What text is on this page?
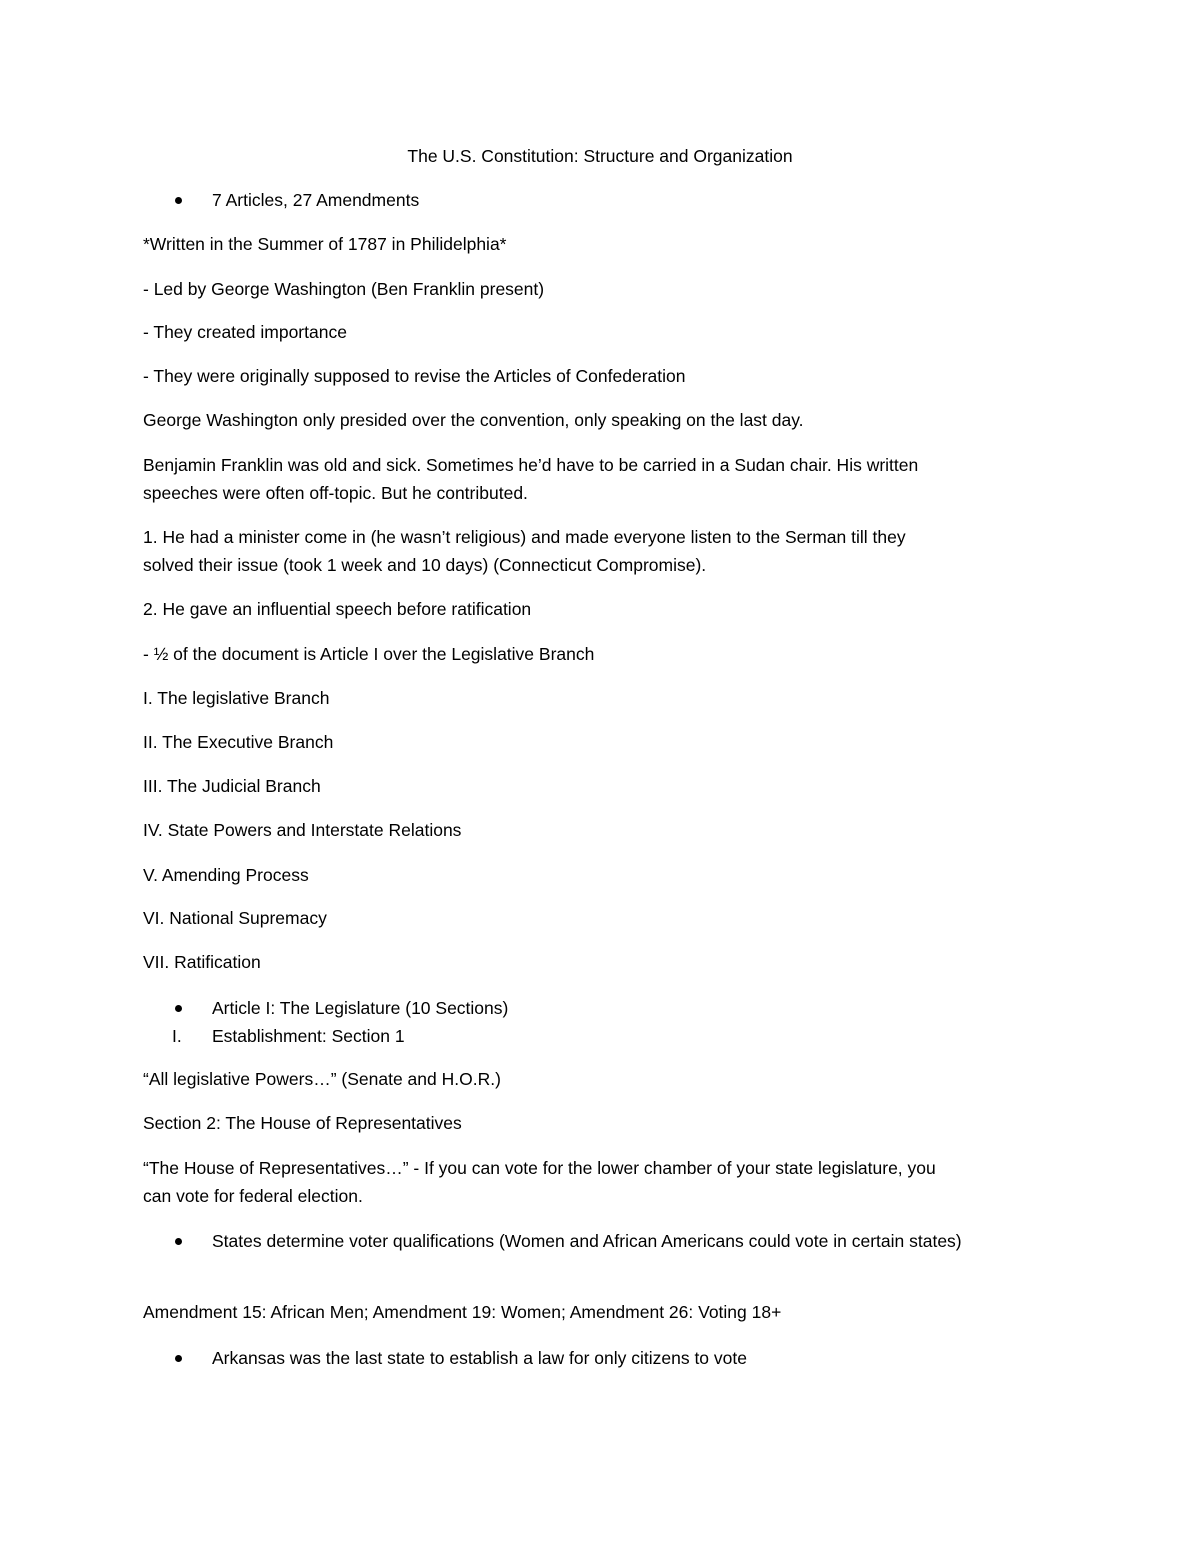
The U.S. Constitution: Structure and Organization
7 Articles, 27 Amendments
*Written in the Summer of 1787 in Philidelphia*
- Led by George Washington (Ben Franklin present)
- They created importance
- They were originally supposed to revise the Articles of Confederation
George Washington only presided over the convention, only speaking on the last day.
Benjamin Franklin was old and sick. Sometimes he’d have to be carried in a Sudan chair. His written
speeches were often off-topic. But he contributed.
1. He had a minister come in (he wasn’t religious) and made everyone listen to the Serman till they
solved their issue (took 1 week and 10 days) (Connecticut Compromise).
2. He gave an influential speech before ratification
- ½ of the document is Article I over the Legislative Branch
I. The legislative Branch
II. The Executive Branch
III. The Judicial Branch
IV. State Powers and Interstate Relations
V. Amending Process
VI. National Supremacy
VII. Ratification
Article I: The Legislature (10 Sections)
I.	Establishment: Section 1
“All legislative Powers…” (Senate and H.O.R.)
Section 2: The House of Representatives
“The House of Representatives…” - If you can vote for the lower chamber of your state legislature, you
can vote for federal election.
States determine voter qualifications (Women and African Americans could vote in certain states)
Amendment 15: African Men; Amendment 19: Women; Amendment 26: Voting 18+
Arkansas was the last state to establish a law for only citizens to vote
